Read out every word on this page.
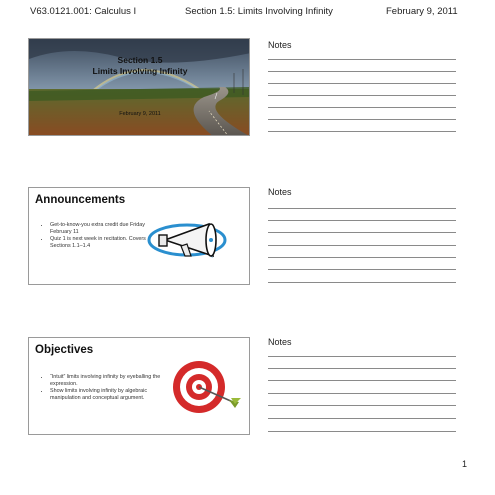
V63.0121.001: Calculus I	Section 1.5: Limits Involving Infinity	February 9, 2011
Section 1.5
Limits Involving Infinity
February 9, 2011
Announcements
• Get-to-know-you extra credit due Friday February 11
• Quiz 1 is next week in recitation. Covers Sections 1.1–1.4
Objectives
• “Intuit” limits involving infinity by eyeballing the expression.
• Show limits involving infinity by algebraic manipulation and conceptual argument.
Notes
Notes
Notes
1
